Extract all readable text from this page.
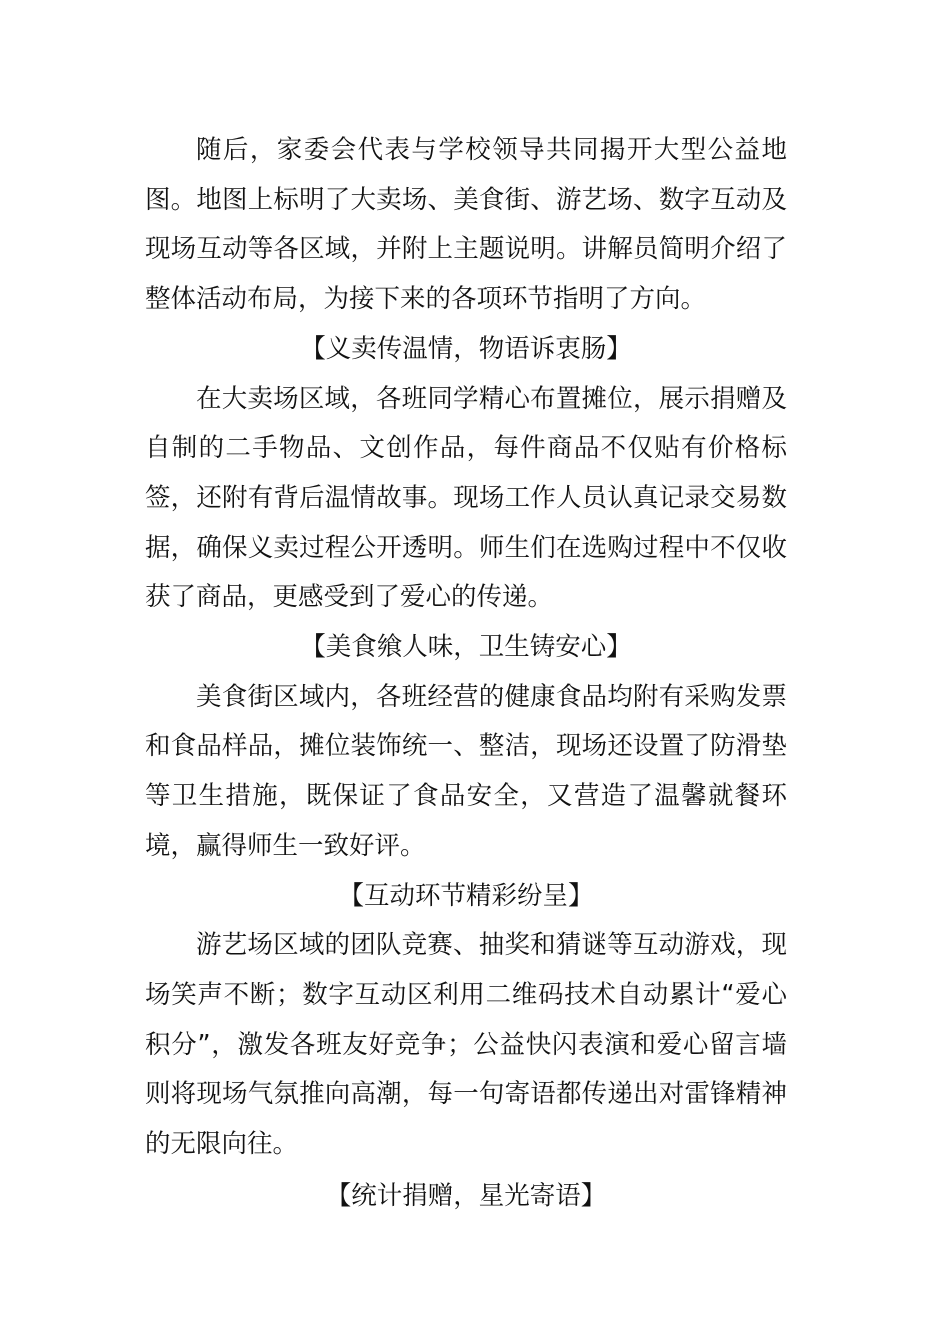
随后，家委会代表与学校领导共同揭开大型公益地图。地图上标明了大卖场、美食街、游艺场、数字互动及现场互动等各区域，并附上主题说明。讲解员简明介绍了整体活动布局，为接下来的各项环节指明了方向。

【义卖传温情，物语诉衷肠】

在大卖场区域，各班同学精心布置摊位，展示捐赠及自制的二手物品、文创作品，每件商品不仅贴有价格标签，还附有背后温情故事。现场工作人员认真记录交易数据，确保义卖过程公开透明。师生们在选购过程中不仅收获了商品，更感受到了爱心的传递。

【美食飨人味，卫生铸安心】

美食街区域内，各班经营的健康食品均附有采购发票和食品样品，摊位装饰统一、整洁，现场还设置了防滑垫等卫生措施，既保证了食品安全，又营造了温馨就餐环境，赢得师生一致好评。

【互动环节精彩纷呈】

游艺场区域的团队竞赛、抽奖和猜谜等互动游戏，现场笑声不断；数字互动区利用二维码技术自动累计“爱心积分”，激发各班友好竞争；公益快闪表演和爱心留言墙则将现场气氛推向高潮，每一句寄语都传递出对雷锋精神的无限向往。

【统计捐赠，星光寄语】
